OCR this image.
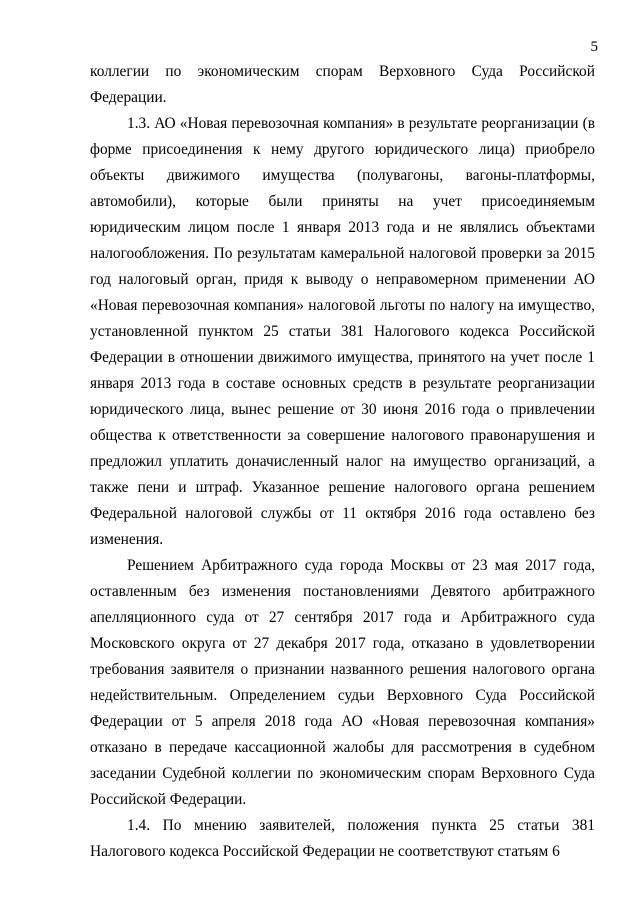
5

коллегии по экономическим спорам Верховного Суда Российской Федерации.

1.3. АО «Новая перевозочная компания» в результате реорганизации (в форме присоединения к нему другого юридического лица) приобрело объекты движимого имущества (полувагоны, вагоны-платформы, автомобили), которые были приняты на учет присоединяемым юридическим лицом после 1 января 2013 года и не являлись объектами налогообложения. По результатам камеральной налоговой проверки за 2015 год налоговый орган, придя к выводу о неправомерном применении АО «Новая перевозочная компания» налоговой льготы по налогу на имущество, установленной пунктом 25 статьи 381 Налогового кодекса Российской Федерации в отношении движимого имущества, принятого на учет после 1 января 2013 года в составе основных средств в результате реорганизации юридического лица, вынес решение от 30 июня 2016 года о привлечении общества к ответственности за совершение налогового правонарушения и предложил уплатить доначисленный налог на имущество организаций, а также пени и штраф. Указанное решение налогового органа решением Федеральной налоговой службы от 11 октября 2016 года оставлено без изменения.

Решением Арбитражного суда города Москвы от 23 мая 2017 года, оставленным без изменения постановлениями Девятого арбитражного апелляционного суда от 27 сентября 2017 года и Арбитражного суда Московского округа от 27 декабря 2017 года, отказано в удовлетворении требования заявителя о признании названного решения налогового органа недействительным. Определением судьи Верховного Суда Российской Федерации от 5 апреля 2018 года АО «Новая перевозочная компания» отказано в передаче кассационной жалобы для рассмотрения в судебном заседании Судебной коллегии по экономическим спорам Верховного Суда Российской Федерации.

1.4. По мнению заявителей, положения пункта 25 статьи 381 Налогового кодекса Российской Федерации не соответствуют статьям 6
